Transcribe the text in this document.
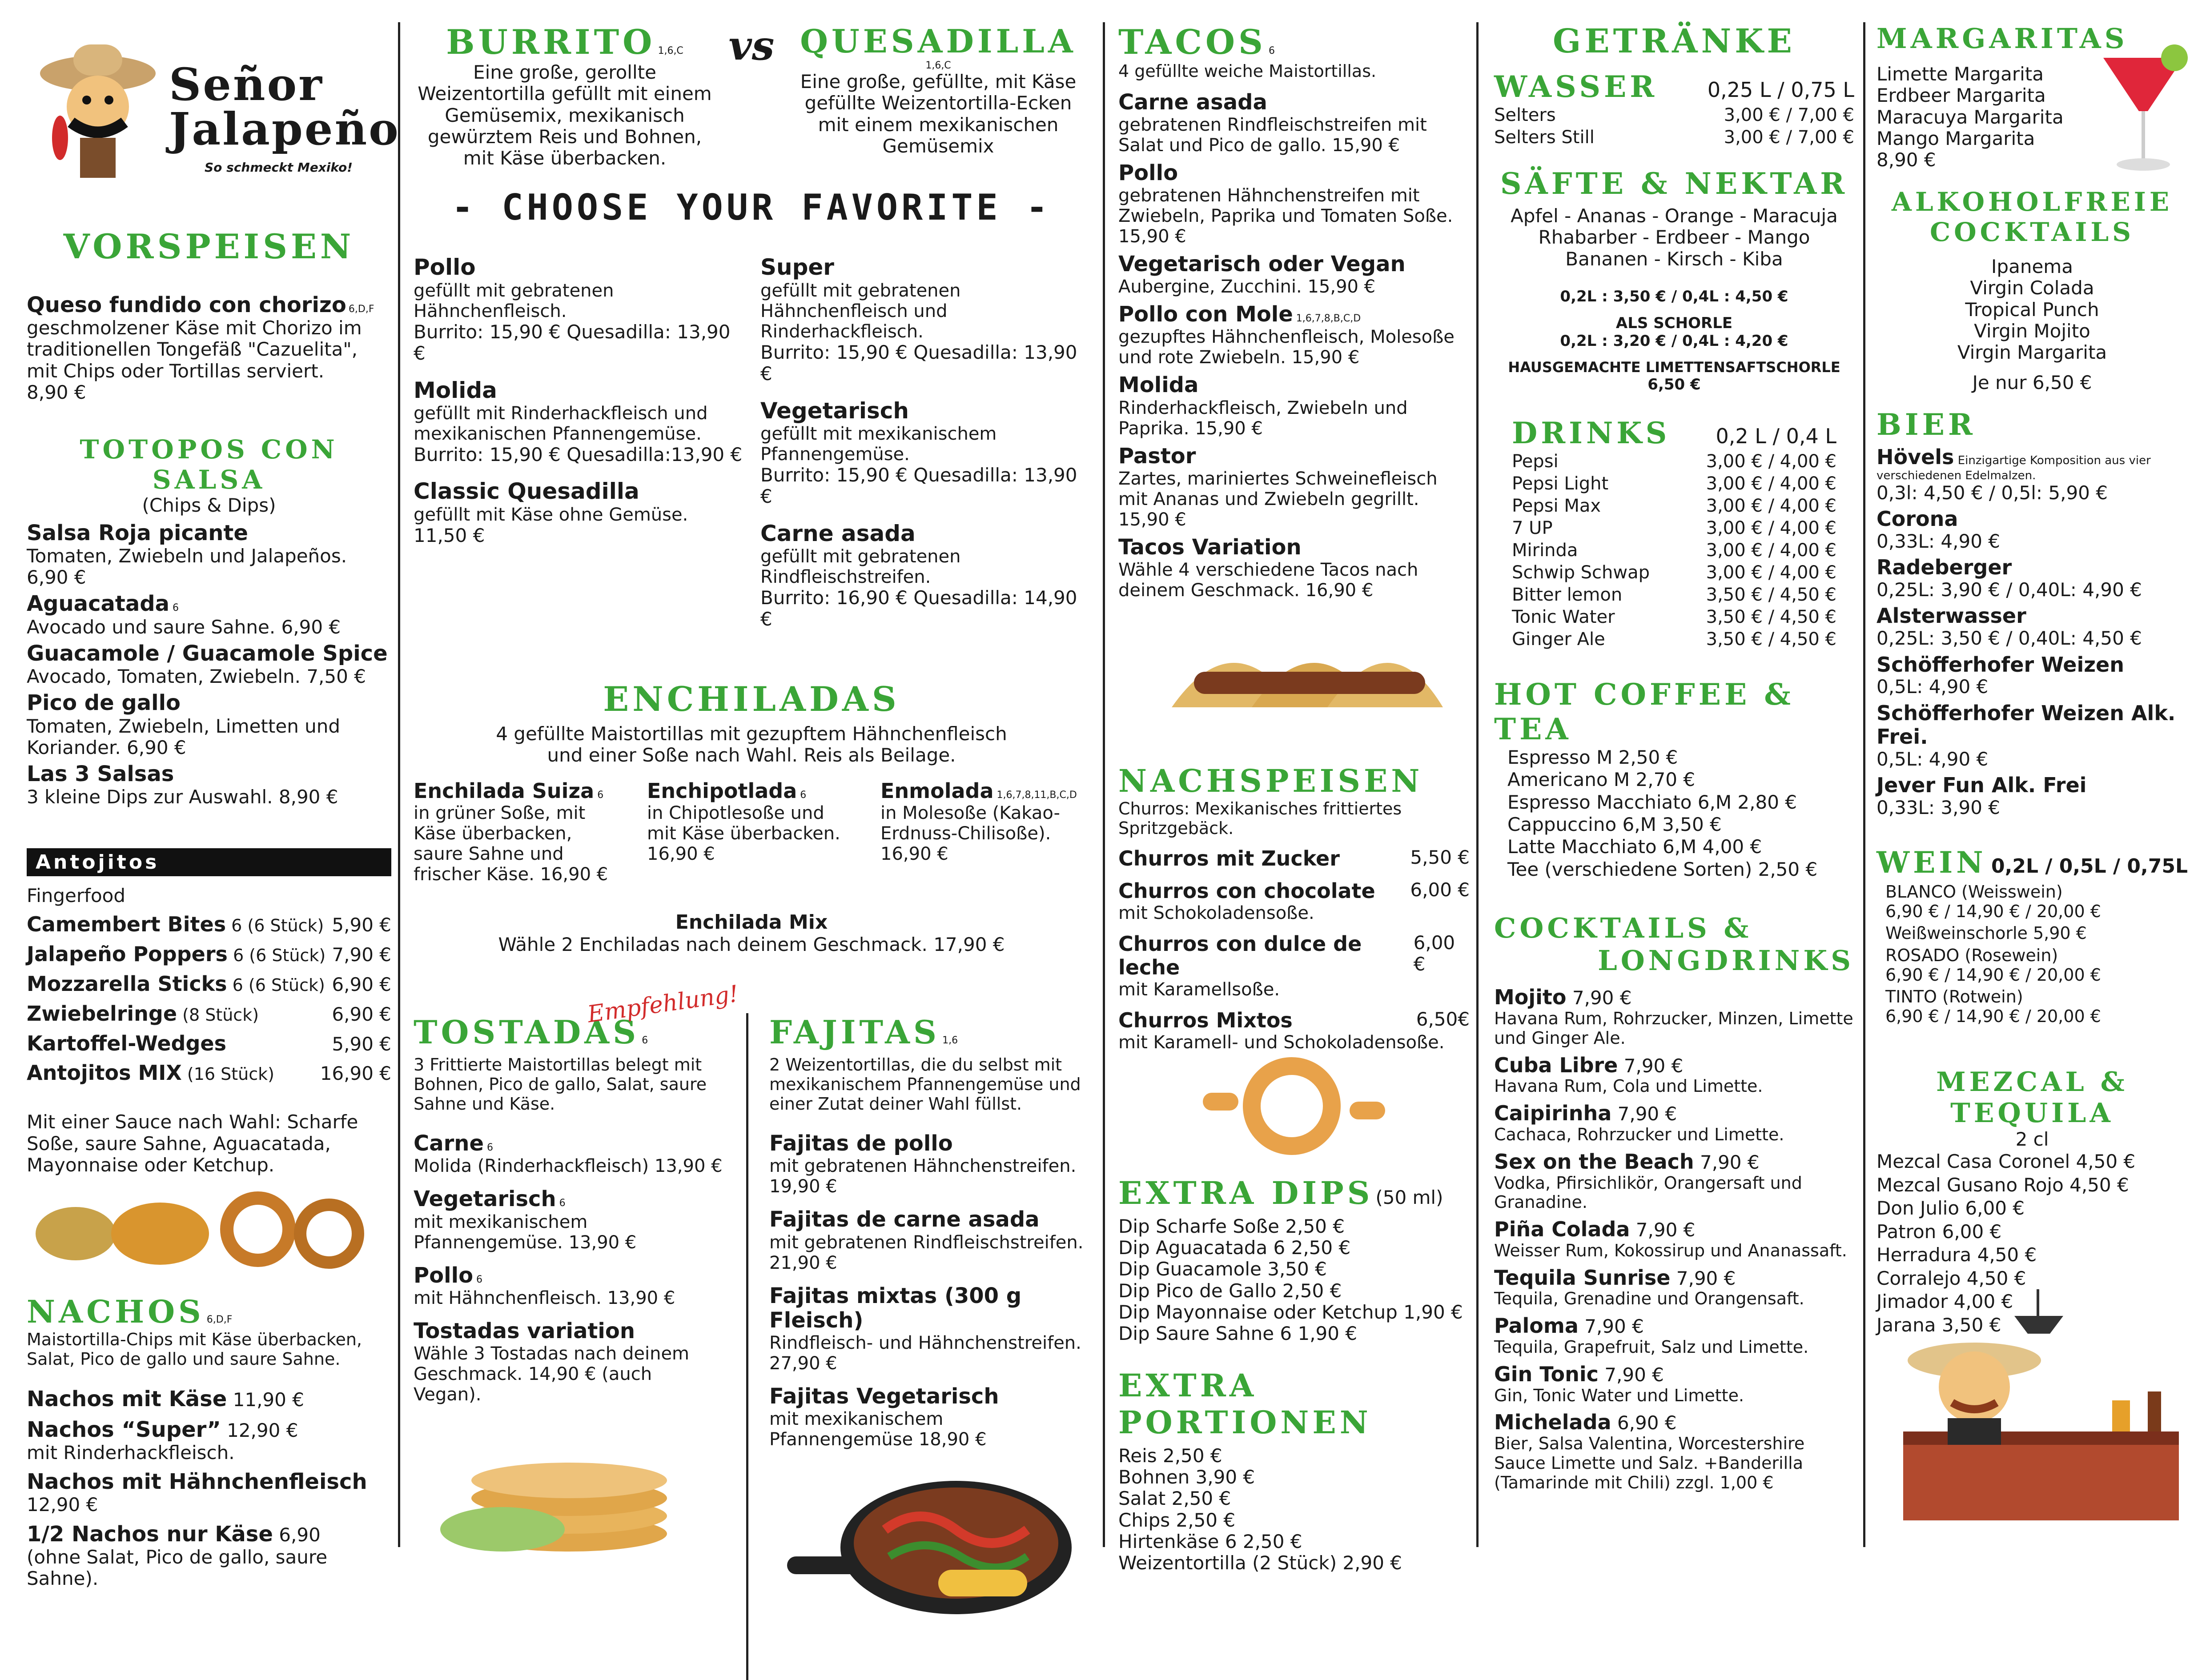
Señor
Jalapeño
So schmeckt Mexiko!
VORSPEISEN
Queso fundido con chorizo 6,D,F
geschmolzener Käse mit Chorizo im traditionellen Tongefäß "Cazuelita", mit Chips oder Tortillas serviert.
8,90 €
TOTOPOS CON SALSA
(Chips & Dips)
Salsa Roja picante
Tomaten, Zwiebeln und Jalapeños. 6,90 €
Aguacatada 6
Avocado und saure Sahne. 6,90 €
Guacamole / Guacamole Spice
Avocado, Tomaten, Zwiebeln. 7,50 €
Pico de gallo
Tomaten, Zwiebeln, Limetten und Koriander. 6,90 €
Las 3 Salsas
3 kleine Dips zur Auswahl. 8,90 €
Antojitos
Fingerfood
Camembert Bites 6 (6 Stück) 5,90 €
Jalapeño Poppers 6 (6 Stück) 7,90 €
Mozzarella Sticks 6 (6 Stück) 6,90 €
Zwiebelringe (8 Stück)	6,90 €
Kartoffel-Wedges	5,90 €
Antojitos MIX (16 Stück) 16,90 €
Mit einer Sauce nach Wahl: Scharfe Soße, saure Sahne, Aguacatada, Mayonnaise oder Ketchup.
NACHOS 6,D,F
Maistortilla-Chips mit Käse überbacken, Salat, Pico de gallo und saure Sahne.
Nachos mit Käse 11,90 €
Nachos “Super” 12,90 €
mit Rinderhackfleisch.
Nachos mit Hähnchenfleisch 12,90 €
1/2 Nachos nur Käse 6,90
(ohne Salat, Pico de gallo, saure Sahne).
BURRITO 1,6,C
Eine große, gerollte Weizentortilla gefüllt mit einem Gemüsemix, mexikanisch gewürztem Reis und Bohnen, mit Käse überbacken.
vs QUESADILLA 1,6,C
Eine große, gefüllte, mit Käse gefüllte Weizentortilla-Ecken mit einem mexikanischen Gemüsemix
- CHOOSE YOUR FAVORITE -
Pollo
gefüllt mit gebratenen Hähnchenfleisch.
Burrito: 15,90 € Quesadilla: 13,90 €
Molida
gefüllt mit Rinderhackfleisch und mexikanischen Pfannengemüse.
Burrito: 15,90 € Quesadilla:13,90 €
Classic Quesadilla
gefüllt mit Käse ohne Gemüse.
11,50 €
Super
gefüllt mit gebratenen Hähnchenfleisch und Rinderhackfleisch.
Burrito: 15,90 € Quesadilla: 13,90 €
Vegetarisch
gefüllt mit mexikanischem Pfannengemüse.
Burrito: 15,90 € Quesadilla: 13,90 €
Carne asada
gefüllt mit gebratenen Rindfleischstreifen.
Burrito: 16,90 € Quesadilla: 14,90 €
ENCHILADAS
4 gefüllte Maistortillas mit gezupftem Hähnchenfleisch und einer Soße nach Wahl. Reis als Beilage.
Enchilada Suiza 6
in grüner Soße, mit Käse überbacken, saure Sahne und frischer Käse. 16,90 €
Enchipotlada 6
in Chipotlesoße und mit Käse überbacken. 16,90 €
Enmolada 1,6,7,8,11,B,C,D
in Molesoße (Kakao-Erdnuss-Chilisoße). 16,90 €
Enchilada Mix
Wähle 2 Enchiladas nach deinem Geschmack. 17,90 €
Empfehlung!
TOSTADAS 6
3 Frittierte Maistortillas belegt mit Bohnen, Pico de gallo, Salat, saure Sahne und Käse.
Carne 6
Molida (Rinderhackfleisch) 13,90 €
Vegetarisch 6
mit mexikanischem Pfannengemüse. 13,90 €
Pollo 6
mit Hähnchenfleisch. 13,90 €
Tostadas variation
Wähle 3 Tostadas nach deinem Geschmack. 14,90 € (auch Vegan).
FAJITAS 1,6
2 Weizentortillas, die du selbst mit mexikanischem Pfannengemüse und einer Zutat deiner Wahl füllst.
Fajitas de pollo
mit gebratenen Hähnchenstreifen. 19,90 €
Fajitas de carne asada
mit gebratenen Rindfleischstreifen. 21,90 €
Fajitas mixtas (300 g Fleisch)
Rindfleisch- und Hähnchenstreifen. 27,90 €
Fajitas Vegetarisch
mit mexikanischem Pfannengemüse 18,90 €
TACOS 6
4 gefüllte weiche Maistortillas.
Carne asada
gebratenen Rindfleischstreifen mit Salat und Pico de gallo. 15,90 €
Pollo
gebratenen Hähnchenstreifen mit Zwiebeln, Paprika und Tomaten Soße. 15,90 €
Vegetarisch oder Vegan
Aubergine, Zucchini. 15,90 €
Pollo con Mole 1,6,7,8,B,C,D
gezupftes Hähnchenfleisch, Molesoße und rote Zwiebeln. 15,90 €
Molida
Rinderhackfleisch, Zwiebeln und Paprika. 15,90 €
Pastor
Zartes, mariniertes Schweinefleisch mit Ananas und Zwiebeln gegrillt. 15,90 €
Tacos Variation
Wähle 4 verschiedene Tacos nach deinem Geschmack. 16,90 €
NACHSPEISEN
Churros: Mexikanisches frittiertes Spritzgebäck.
Churros mit Zucker	5,50 €
Churros con chocolate 6,00 €
mit Schokoladensoße.
Churros con dulce de leche
6,00 €
mit Karamellsoße.
Churros Mixtos	6,50€
mit Karamell- und Schokoladensoße.
EXTRA DIPS (50 ml)
Dip Scharfe Soße 2,50 €
Dip Aguacatada 6 2,50 €
Dip Guacamole 3,50 €
Dip Pico de Gallo 2,50 €
Dip Mayonnaise oder Ketchup 1,90 €
Dip Saure Sahne 6 1,90 €
EXTRA PORTIONEN
Reis 2,50 €
Bohnen 3,90 €
Salat 2,50 €
Chips 2,50 €
Hirtenkäse 6 2,50 €
Weizentortilla (2 Stück) 2,90 €
GETRÄNKE
WASSER 0,25 L / 0,75 L
Selters	3,00 € / 7,00 €
Selters Still	3,00 € / 7,00 €
SÄFTE & NEKTAR
Apfel - Ananas - Orange - Maracuja Rhabarber - Erdbeer - Mango Bananen - Kirsch - Kiba
0,2L : 3,50 € / 0,4L : 4,50 €
ALS SCHORLE
0,2L : 3,20 € / 0,4L : 4,20 €
HAUSGEMACHTE LIMETTENSAFTSCHORLE
6,50 €
DRINKS 0,2 L / 0,4 L
Pepsi	3,00 € / 4,00 €
Pepsi Light	3,00 € / 4,00 €
Pepsi Max	3,00 € / 4,00 €
7 UP	3,00 € / 4,00 €
Mirinda	3,00 € / 4,00 €
Schwip Schwap	3,00 € / 4,00 €
Bitter lemon	3,50 € / 4,50 €
Tonic Water	3,50 € / 4,50 €
Ginger Ale	3,50 € / 4,50 €
HOT COFFEE & TEA
Espresso M 2,50 €
Americano M 2,70 €
Espresso Macchiato 6,M 2,80 €
Cappuccino 6,M 3,50 €
Latte Macchiato 6,M 4,00 €
Tee (verschiedene Sorten) 2,50 €
COCKTAILS &
LONGDRINKS
Mojito 7,90 €
Havana Rum, Rohrzucker, Minzen, Limette und Ginger Ale.
Cuba Libre 7,90 €
Havana Rum, Cola und Limette.
Caipirinha 7,90 €
Cachaca, Rohrzucker und Limette.
Sex on the Beach 7,90 €
Vodka, Pfirsichlikör, Orangersaft und Granadine.
Piña Colada 7,90 €
Weisser Rum, Kokossirup und Ananassaft.
Tequila Sunrise 7,90 €
Tequila, Grenadine und Orangensaft.
Paloma 7,90 €
Tequila, Grapefruit, Salz und Limette.
Gin Tonic 7,90 €
Gin, Tonic Water und Limette.
Michelada 6,90 €
Bier, Salsa Valentina, Worcestershire Sauce Limette und Salz. +Banderilla (Tamarinde mit Chili) zzgl. 1,00 €
MARGARITAS
Limette Margarita
Erdbeer Margarita
Maracuya Margarita
Mango Margarita
8,90 €
ALKOHOLFREIE
COCKTAILS
Ipanema
Virgin Colada
Tropical Punch
Virgin Mojito
Virgin Margarita
Je nur 6,50 €
BIER
Hövels Einzigartige Komposition aus vier verschiedenen Edelmalzen.
0,3l: 4,50 € / 0,5l: 5,90 €
Corona
0,33L: 4,90 €
Radeberger
0,25L: 3,90 € / 0,40L: 4,90 €
Alsterwasser
0,25L: 3,50 € / 0,40L: 4,50 €
Schöfferhofer Weizen
0,5L: 4,90 €
Schöfferhofer Weizen Alk. Frei.
0,5L: 4,90 €
Jever Fun Alk. Frei
0,33L: 3,90 €
WEIN 0,2L / 0,5L / 0,75L
BLANCO (Weisswein)
6,90 € / 14,90 € / 20,00 €
Weißweinschorle 5,90 €
ROSADO (Rosewein)
6,90 € / 14,90 € / 20,00 €
TINTO (Rotwein)
6,90 € / 14,90 € / 20,00 €
MEZCAL & TEQUILA
2 cl
Mezcal Casa Coronel 4,50 €
Mezcal Gusano Rojo 4,50 €
Don Julio 6,00 €
Patron 6,00 €
Herradura 4,50 €
Corralejo 4,50 €
Jimador 4,00 €
Jarana 3,50 €
